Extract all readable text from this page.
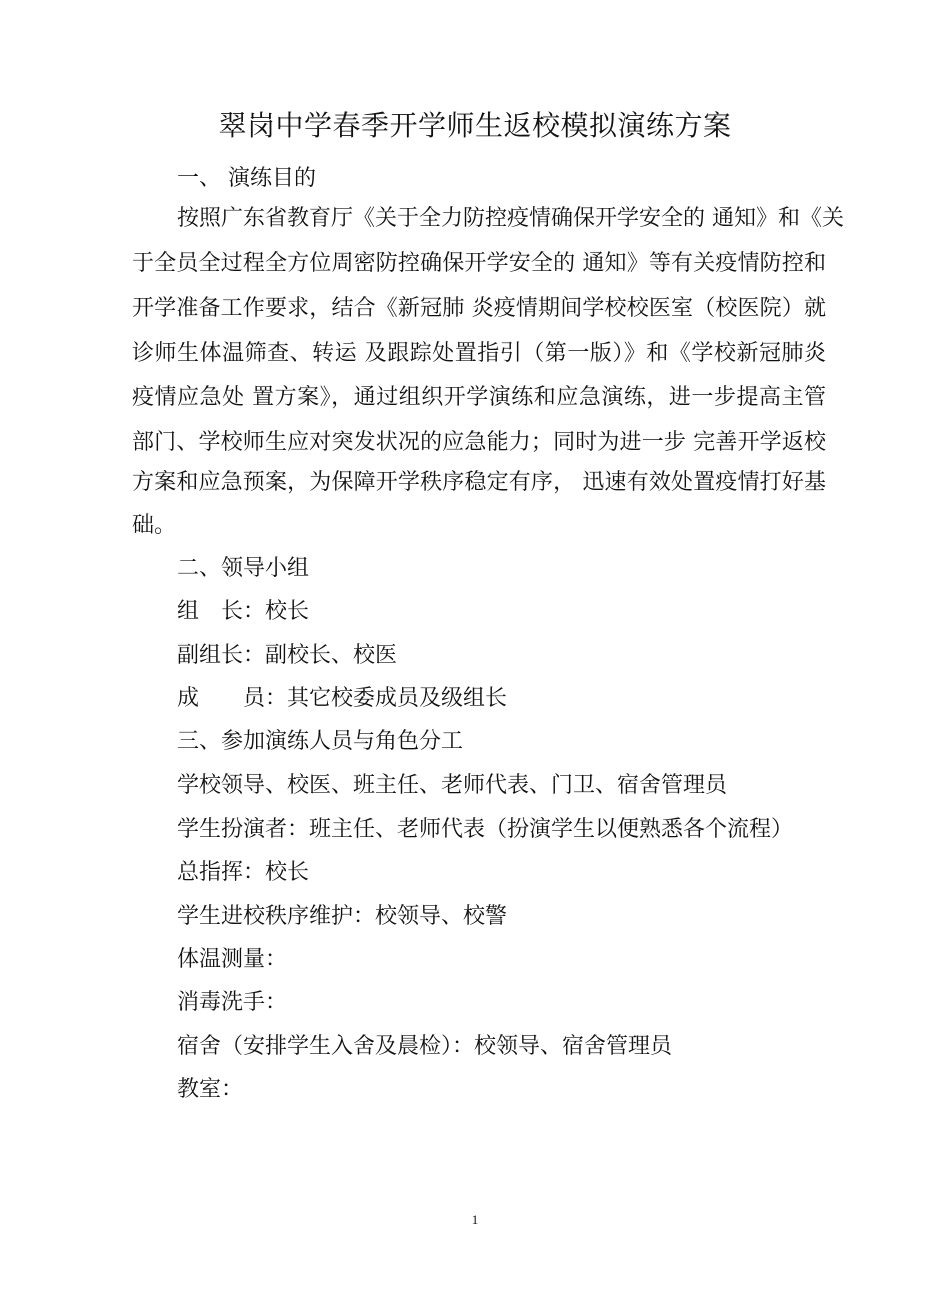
翠岗中学春季开学师生返校模拟演练方案
一、 演练目的
按照广东省教育厅《关于全力防控疫情确保开学安全的 通知》和《关
于全员全过程全方位周密防控确保开学安全的 通知》等有关疫情防控和
开学准备工作要求，结合《新冠肺 炎疫情期间学校校医室（校医院）就
诊师生体温筛查、转运 及跟踪处置指引（第一版）》和《学校新冠肺炎
疫情应急处 置方案》，通过组织开学演练和应急演练，进一步提高主管
部门、学校师生应对突发状况的应急能力；同时为进一步 完善开学返校
方案和应急预案，为保障开学秩序稳定有序， 迅速有效处置疫情打好基
础。
二、领导小组
组　长：校长
副组长：副校长、校医
成　　员：其它校委成员及级组长
三、参加演练人员与角色分工
学校领导、校医、班主任、老师代表、门卫、宿舍管理员
学生扮演者：班主任、老师代表（扮演学生以便熟悉各个流程）
总指挥：校长
学生进校秩序维护：校领导、校警
体温测量：
消毒洗手：
宿舍（安排学生入舍及晨检）：校领导、宿舍管理员
教室：
1
